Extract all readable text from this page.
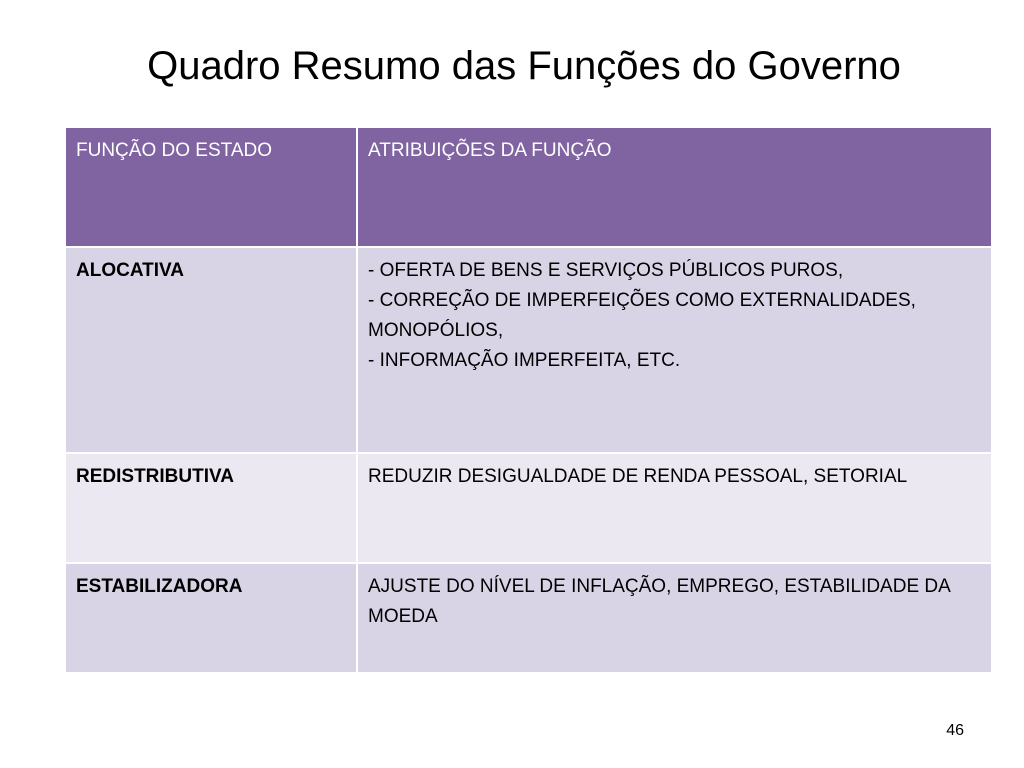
Quadro Resumo das Funções do Governo
FUNÇÃO DO ESTADO	ATRIBUIÇÕES DA FUNÇÃO
ALOCATIVA	- OFERTA DE BENS E SERVIÇOS PÚBLICOS PUROS,
- CORREÇÃO DE IMPERFEIÇÕES COMO EXTERNALIDADES, MONOPÓLIOS,
- INFORMAÇÃO IMPERFEITA, ETC.

REDISTRIBUTIVA	REDUZIR DESIGUALDADE DE RENDA PESSOAL, SETORIAL

ESTABILIZADORA	AJUSTE DO NÍVEL DE INFLAÇÃO, EMPREGO, ESTABILIDADE DA MOEDA
46
